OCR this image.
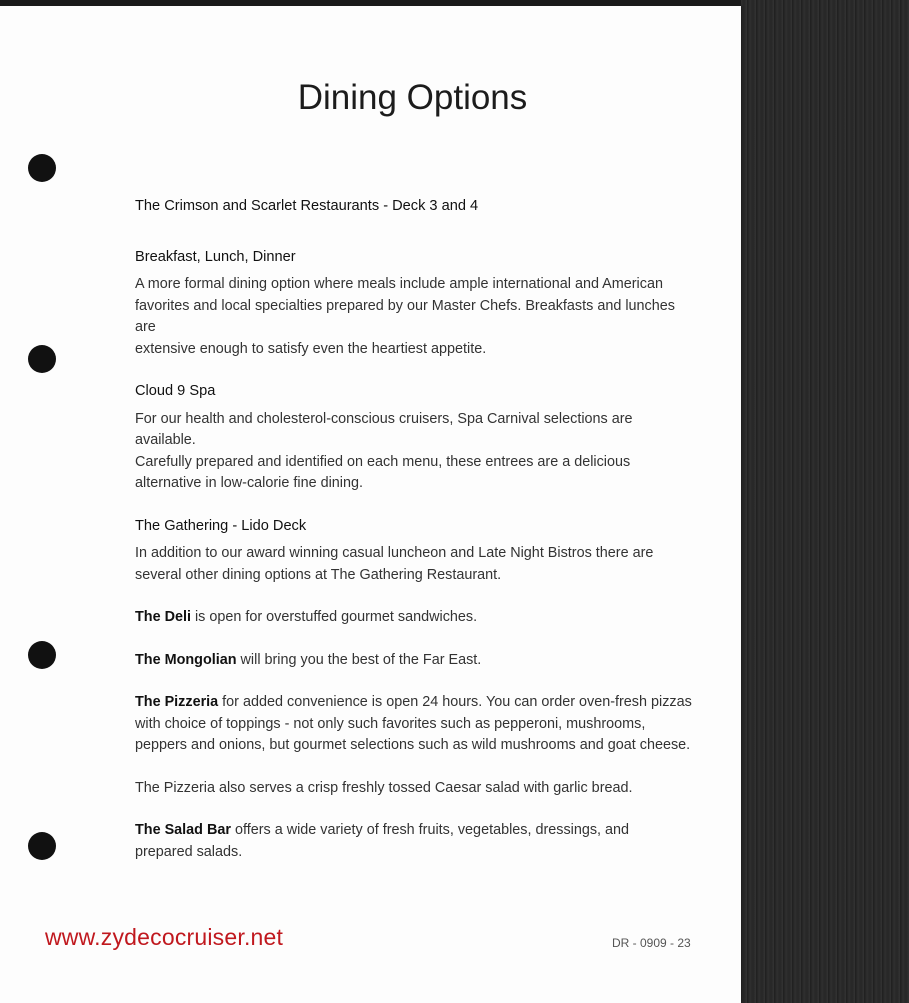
Dining Options

The Crimson and Scarlet Restaurants - Deck 3 and 4

Breakfast, Lunch, Dinner

A more formal dining option where meals include ample international and American
favorites and local specialties prepared by our Master Chefs. Breakfasts and lunches are
extensive enough to satisfy even the heartiest appetite.

Cloud 9 Spa

For our health and cholesterol-conscious cruisers, Spa Carnival selections are available.
Carefully prepared and identified on each menu, these entrees are a delicious
alternative in low-calorie fine dining.

The Gathering - Lido Deck

In addition to our award winning casual luncheon and Late Night Bistros there are
several other dining options at The Gathering Restaurant.
The Deli is open for overstuffed gourmet sandwiches.
The Mongolian will bring you the best of the Far East.
The Pizzeria for added convenience is open 24 hours. You can order oven-fresh pizzas
with choice of toppings - not only such favorites such as pepperoni, mushrooms,
peppers and onions, but gourmet selections such as wild mushrooms and goat cheese.
The Pizzeria also serves a crisp freshly tossed Caesar salad with garlic bread.
The Salad Bar offers a wide variety of fresh fruits, vegetables, dressings, and
prepared salads.
www.zydecocruiser.net	DR - 0909 - 23
